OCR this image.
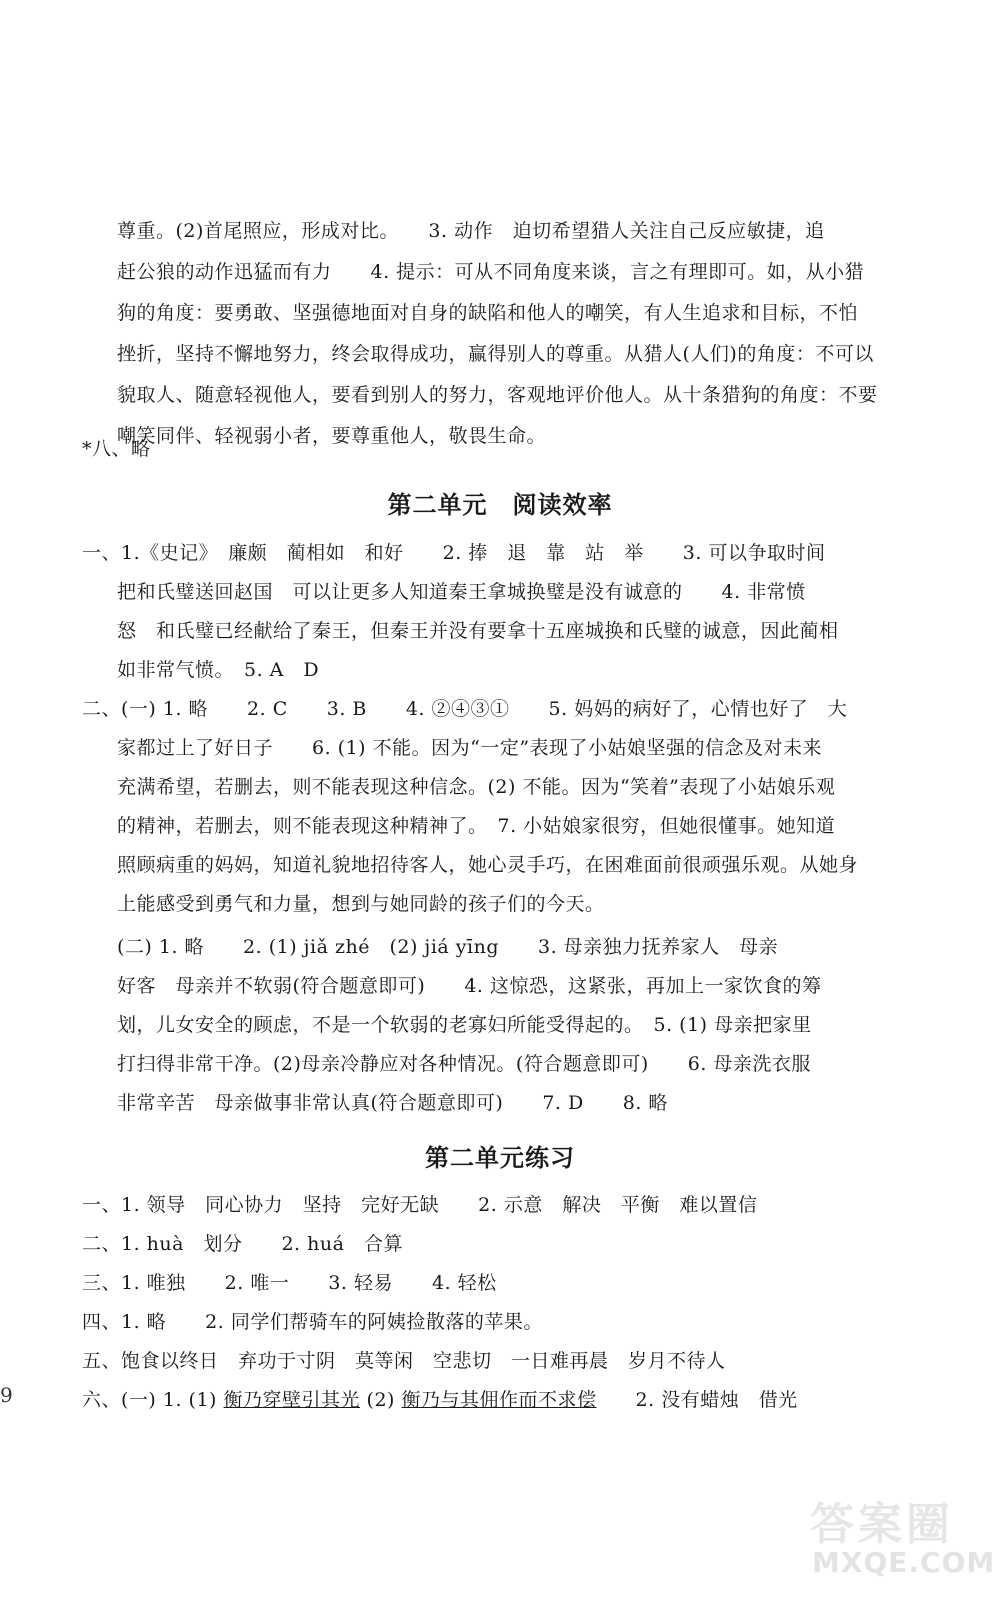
尊重。(2)首尾照应，形成对比。　　3. 动作　迫切希望猎人关注自己反应敏捷，追
赶公狼的动作迅猛而有力　　4. 提示：可从不同角度来谈，言之有理即可。如，从小猎
狗的角度：要勇敢、坚强德地面对自身的缺陷和他人的嘲笑，有人生追求和目标，不怕
挫折，坚持不懈地努力，终会取得成功，赢得别人的尊重。从猎人(人们)的角度：不可以
貌取人、随意轻视他人，要看到别人的努力，客观地评价他人。从十条猎狗的角度：不要
嘲笑同伴、轻视弱小者，要尊重他人，敬畏生命。
*八、略
第二单元　阅读效率
一、1.《史记》　廉颇　蔺相如　和好　　2. 捧　退　靠　站　举　　3. 可以争取时间
把和氏璧送回赵国　可以让更多人知道秦王拿城换璧是没有诚意的　　4. 非常愤
怒　和氏璧已经献给了秦王，但秦王并没有要拿十五座城换和氏璧的诚意，因此蔺相
如非常气愤。　5. A　D
二、(一) 1. 略　　2. C　　3. B　　4. ②④③①　　5. 妈妈的病好了，心情也好了　大
家都过上了好日子　　6. (1) 不能。因为“一定”表现了小姑娘坚强的信念及对未来
充满希望，若删去，则不能表现这种信念。(2) 不能。因为“笑着”表现了小姑娘乐观
的精神，若删去，则不能表现这种精神了。　7. 小姑娘家很穷，但她很懂事。她知道
照顾病重的妈妈，知道礼貌地招待客人，她心灵手巧，在困难面前很顽强乐观。从她身
上能感受到勇气和力量，想到与她同龄的孩子们的今天。
(二) 1. 略　　2. (1) jiǎ zhé　(2) jiá yīng　　3. 母亲独力抚养家人　母亲
好客　母亲并不软弱(符合题意即可)　　4. 这惊恐，这紧张，再加上一家饮食的筹
划，儿女安全的顾虑，不是一个软弱的老寡妇所能受得起的。　5. (1) 母亲把家里
打扫得非常干净。(2)母亲冷静应对各种情况。(符合题意即可)　　6. 母亲洗衣服
非常辛苦　母亲做事非常认真(符合题意即可)　　7. D　　8. 略
第二单元练习
一、1. 领导　同心协力　坚持　完好无缺　　2. 示意　解决　平衡　难以置信
二、1. huà　划分　　2. huá　合算
三、1. 唯独　　2. 唯一　　3. 轻易　　4. 轻松
四、1. 略　　2. 同学们帮骑车的阿姨捡散落的苹果。
五、饱食以终日　弃功于寸阴　莫等闲　空悲切　一日难再晨　岁月不待人
六、(一) 1. (1) 衡乃穿壁引其光 (2) 衡乃与其佣作而不求偿　　2. 没有蜡烛　借光
9
答案圈
MXQE.COM
